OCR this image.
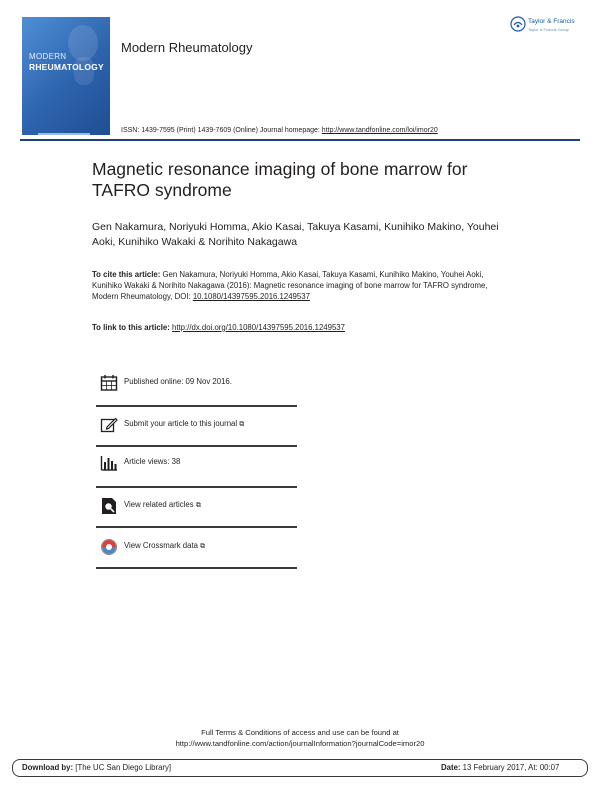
MODERN
RHEUMATOLOGY
Modern Rheumatology
Taylor & Francis
Taylor & Francis Group
ISSN: 1439-7595 (Print) 1439-7609 (Online) Journal homepage: http://www.tandfonline.com/loi/imor20
Magnetic resonance imaging of bone marrow for TAFRO syndrome
Gen Nakamura, Noriyuki Homma, Akio Kasai, Takuya Kasami, Kunihiko Makino, Youhei Aoki, Kunihiko Wakaki & Norihito Nakagawa
To cite this article: Gen Nakamura, Noriyuki Homma, Akio Kasai, Takuya Kasami, Kunihiko Makino, Youhei Aoki, Kunihiko Wakaki & Norihito Nakagawa (2016): Magnetic resonance imaging of bone marrow for TAFRO syndrome, Modern Rheumatology, DOI: 10.1080/14397595.2016.1249537
To link to this article: http://dx.doi.org/10.1080/14397595.2016.1249537
Published online: 09 Nov 2016.
Submit your article to this journal ⧉
Article views: 38
View related articles ⧉
View Crossmark data ⧉
Full Terms & Conditions of access and use can be found at
http://www.tandfonline.com/action/journalInformation?journalCode=imor20
Download by: [The UC San Diego Library]	Date: 13 February 2017, At: 00:07
